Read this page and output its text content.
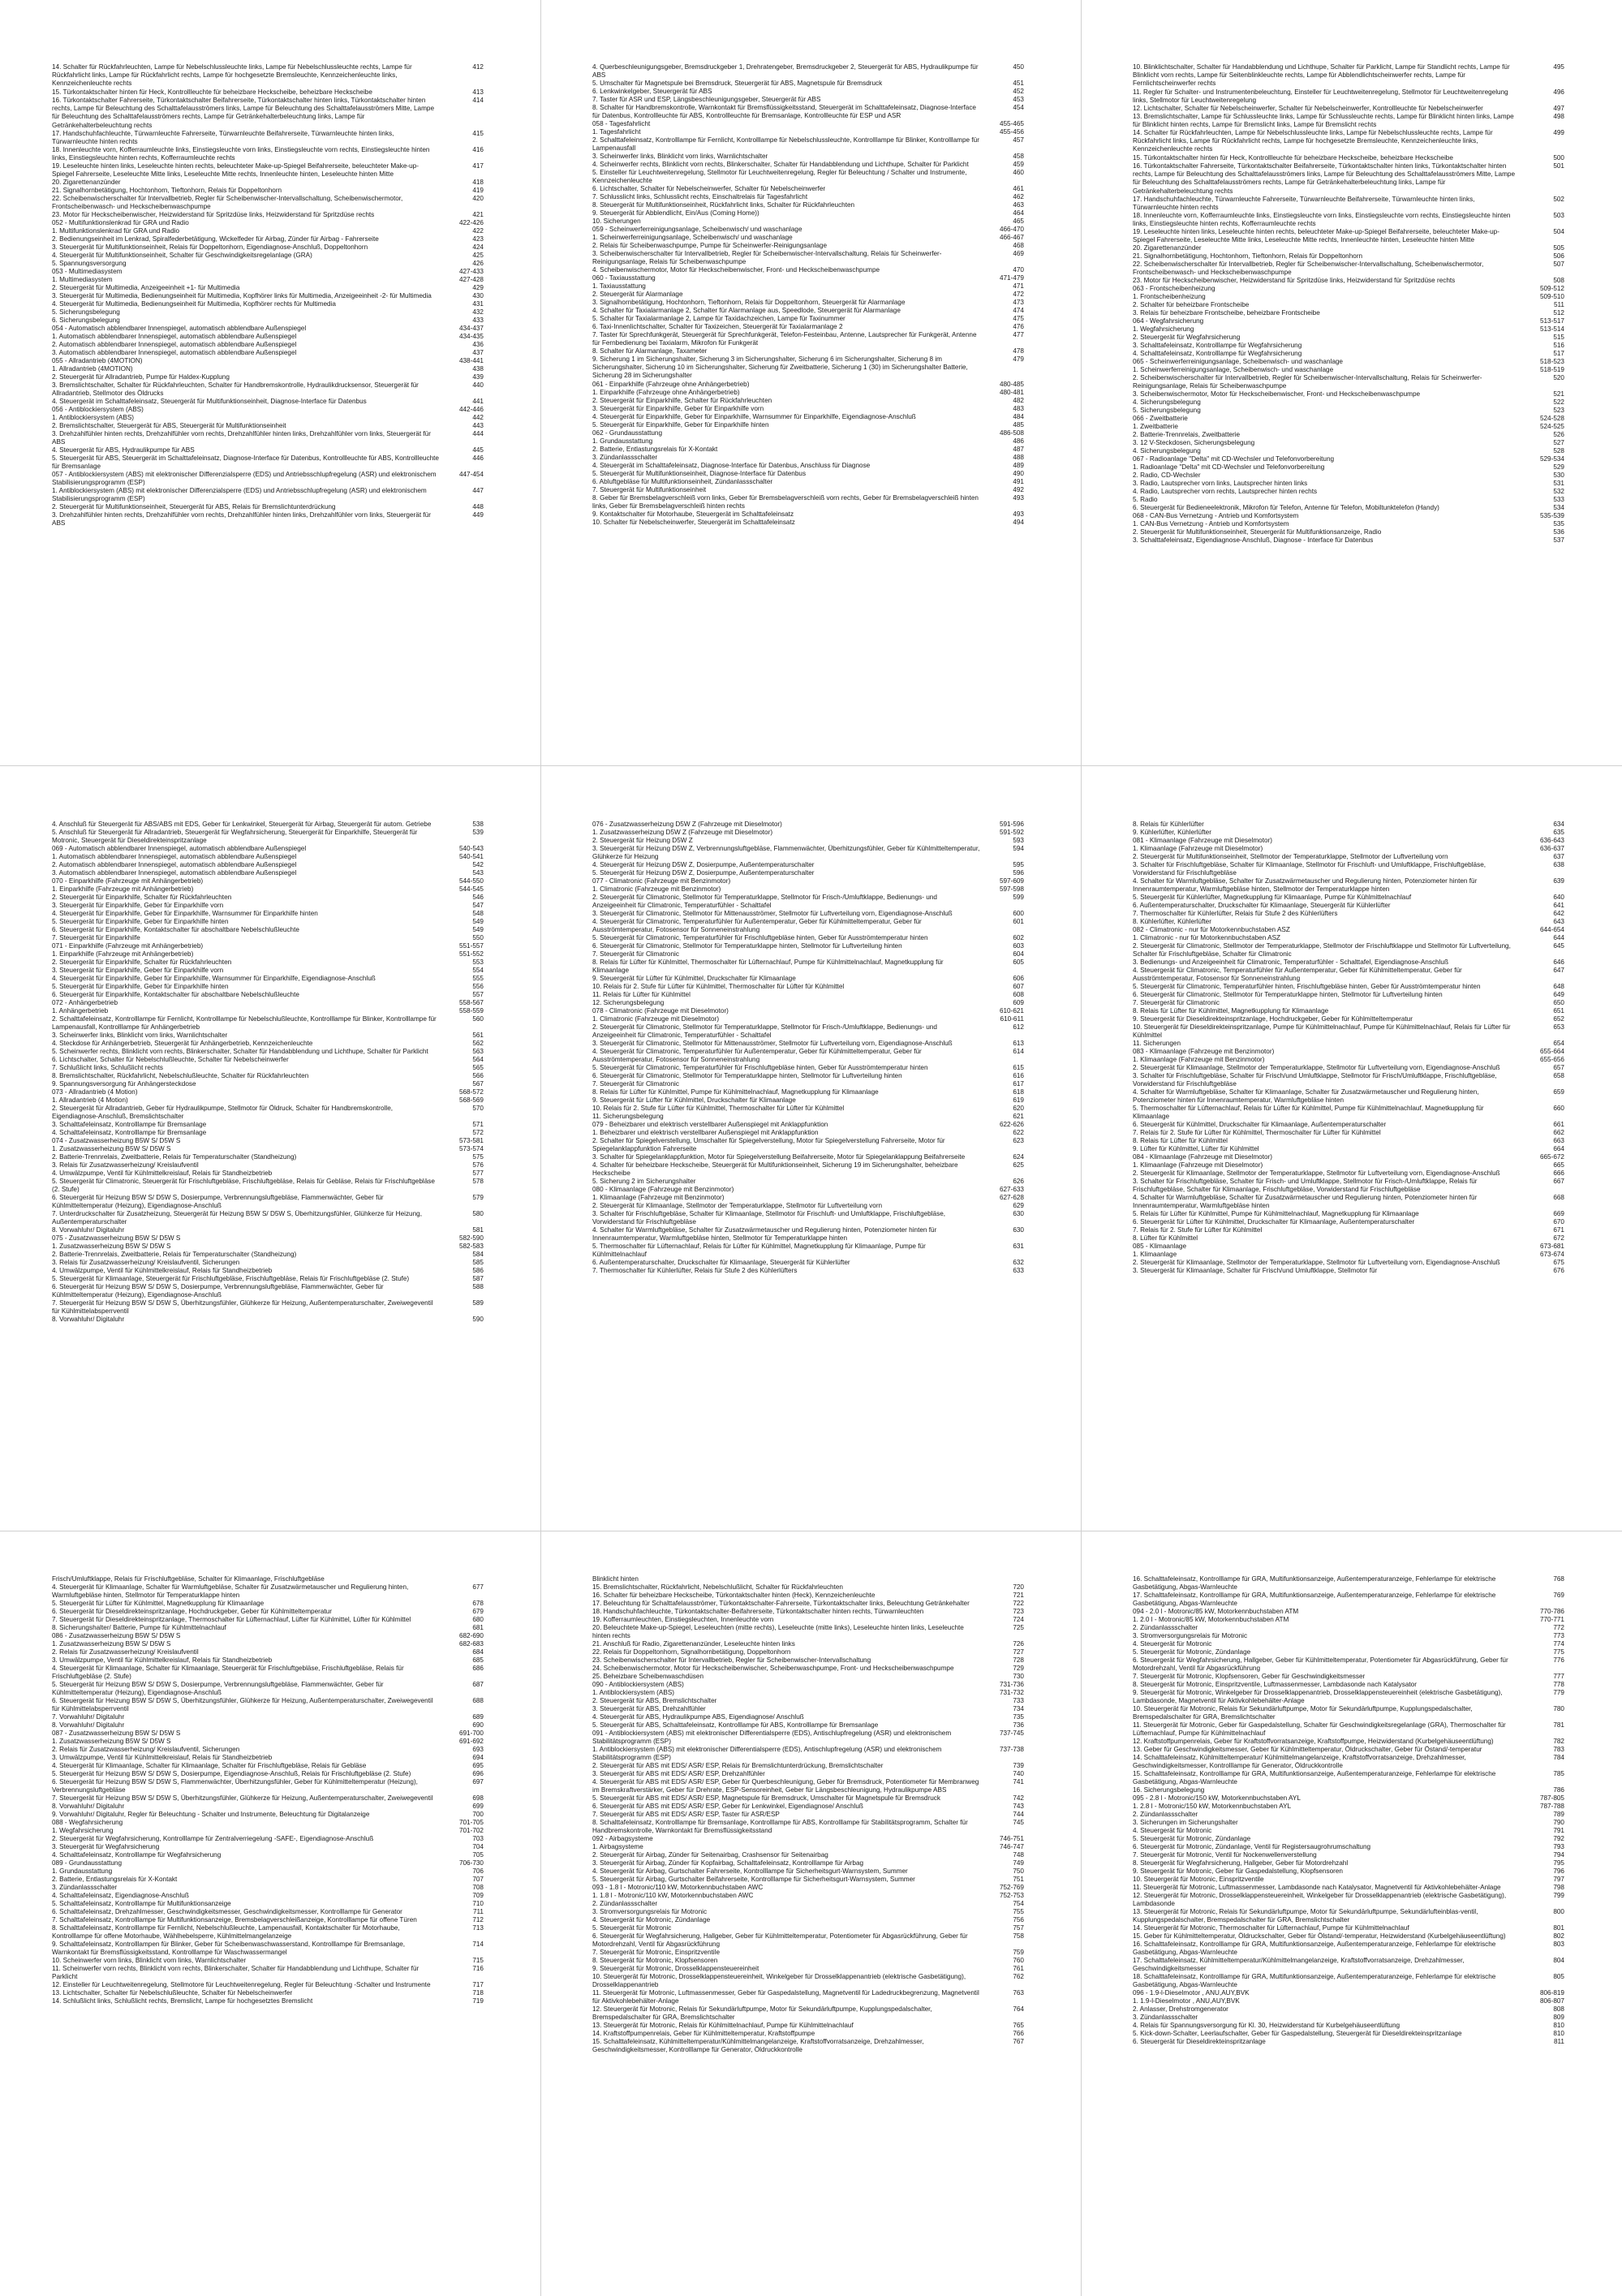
14. Schalter für Rückfahrleuchten, Lampe für Nebelschlussleuchte links, Lampe für Nebelschlussleuchte rechts, Lampe für Rückfahrlicht links, Lampe für Rückfahrlicht rechts, Lampe für hochgesetzte Bremsleuchte, Kennzeichenleuchte links, Kennzeichenleuchte rechts
412
15. Türkontaktschalter hinten für Heck, Kontrollleuchte für beheizbare Heckscheibe, beheizbare Heckscheibe	413
16. Türkontaktschalter Fahrerseite, Türkontaktschalter Beifahrerseite, Türkontaktschalter hinten links, Türkontaktschalter hinten rechts, Lampe für Beleuchtung des Schalttafelausströmers links, Lampe für Beleuchtung des Schalttafelausströmers Mitte, Lampe für Beleuchtung des Schalttafelausströmers rechts, Lampe für Getränkehalterbeleuchtung links, Lampe für Getränkehalterbeleuchtung rechts
414
17. Handschuhfachleuchte, Türwarnleuchte Fahrerseite, Türwarnleuchte Beifahrerseite, Türwarnleuchte hinten links, Türwarnleuchte hinten rechts
415
18. Innenleuchte vorn, Kofferraumleuchte links, Einstiegsleuchte vorn links, Einstiegsleuchte vorn rechts, Einstiegsleuchte hinten links, Einstiegsleuchte hinten rechts, Kofferraumleuchte rechts
416
19. Leseleuchte hinten links, Leseleuchte hinten rechts, beleuchteter Make-up-Spiegel Beifahrerseite, beleuchteter Make-up-Spiegel Fahrerseite, Leseleuchte Mitte links, Leseleuchte Mitte rechts, Innenleuchte hinten, Leseleuchte hinten Mitte
417
20. Zigarettenanzünder	418
21. Signalhornbetätigung, Hochtonhorn, Tieftonhorn, Relais für Doppeltonhorn	419
22. Scheibenwischerschalter für Intervallbetrieb, Regler für Scheibenwischer-Intervallschaltung, Scheibenwischermotor, Frontscheibenwasch- und Heckscheibenwaschpumpe
420
23. Motor für Heckscheibenwischer, Heizwiderstand für Spritzdüse links, Heizwiderstand für Spritzdüse rechts	421
052 - Multifunktionslenkrad für GRA und Radio	422-426
1. Multifunktionslenkrad für GRA und Radio	422
2. Bedienungseinheit im Lenkrad, Spiralfederbetätigung, Wickelfeder für Airbag, Zünder für Airbag - Fahrerseite	423
3. Steuergerät für Multifunktionseinheit, Relais für Doppeltonhorn, Eigendiagnose-Anschluß, Doppeltonhorn	424
4. Steuergerät für Multifunktionseinheit, Schalter für Geschwindigkeitsregelanlage (GRA)	425
5. Spannungsversorgung	426
053 - Multimediasystem	427-433
1. Multimediasystem	427-428
2. Steuergerät für Multimedia, Anzeigeeinheit +1- für Multimedia	429
3. Steuergerät für Multimedia, Bedienungseinheit für Multimedia, Kopfhörer links für Multimedia, Anzeigeeinheit -2- für Multimedia	430
4. Steuergerät für Multimedia, Bedienungseinheit für Multimedia, Kopfhörer rechts für Multimedia	431
5. Sicherungsbelegung	432
6. Sicherungsbelegung	433
054 - Automatisch abblendbarer Innenspiegel, automatisch abblendbare Außenspiegel	434-437
1. Automatisch abblendbarer Innenspiegel, automatisch abblendbare Außenspiegel	434-435
2. Automatisch abblendbarer Innenspiegel, automatisch abblendbare Außenspiegel	436
3. Automatisch abblendbarer Innenspiegel, automatisch abblendbare Außenspiegel	437
055 - Allradantrieb (4MOTION)	438-441
1. Allradantrieb (4MOTION)	438
2. Steuergerät für Allradantrieb, Pumpe für Haldex-Kupplung	439
3. Bremslichtschalter, Schalter für Rückfahrleuchten, Schalter für Handbremskontrolle, Hydraulikdrucksensor, Steuergerät für Allradantrieb, Stellmotor des Öldrucks
440
4. Steuergerät im Schalttafeleinsatz, Steuergerät für Multifunktionseinheit, Diagnose-Interface für Datenbus	441
056 - Antiblockiersystem (ABS)	442-446
1. Antiblockiersystem (ABS)	442
2. Bremslichtschalter, Steuergerät für ABS, Steuergerät für Multifunktionseinheit	443
3. Drehzahlfühler hinten rechts, Drehzahlfühler vorn rechts, Drehzahlfühler hinten links, Drehzahlfühler vorn links, Steuergerät für ABS
444
4. Steuergerät für ABS, Hydraulikpumpe für ABS	445
5. Steuergerät für ABS, Steuergerät im Schalttafeleinsatz, Diagnose-Interface für Datenbus, Kontrollleuchte für ABS, Kontrollleuchte für Bremsanlage
446
057 - Antiblockiersystem (ABS) mit elektronischer Differenzialsperre (EDS) und Antriebsschlupfregelung (ASR) und elektronischem Stabilisierungsprogramm (ESP)
447-454
1. Antiblockiersystem (ABS) mit elektronischer Differenzialsperre (EDS) und Antriebsschlupfregelung (ASR) und elektronischem Stabilisierungsprogramm (ESP)
447
2. Steuergerät für Multifunktionseinheit, Steuergerät für ABS, Relais für Bremslichtunterdrückung	448
3. Drehzahlfühler hinten rechts, Drehzahlfühler vorn rechts, Drehzahlfühler hinten links, Drehzahlfühler vorn links, Steuergerät für ABS
449
4. Querbeschleunigungsgeber, Bremsdruckgeber 1, Drehratengeber, Bremsdruckgeber 2, Steuergerät für ABS, Hydraulikpumpe für ABS
450
5. Umschalter für Magnetspule bei Bremsdruck, Steuergerät für ABS, Magnetspule für Bremsdruck	451
6. Lenkwinkelgeber, Steuergerät für ABS	452
7. Taster für ASR und ESP, Längsbeschleunigungsgeber, Steuergerät für ABS	453
8. Schalter für Handbremskontrolle, Warnkontakt für Bremsflüssigkeitsstand, Steuergerät im Schalttafeleinsatz, Diagnose-Interface für Datenbus, Kontrollleuchte für ABS, Kontrollleuchte für Bremsanlage, Kontrollleuchte für ESP und ASR
454
058 - Tagesfahrlicht	455-465
1. Tagesfahrlicht	455-456
2. Schalttafeleinsatz, Kontrolllampe für Fernlicht, Kontrolllampe für Nebelschlussleuchte, Kontrolllampe für Blinker, Kontrolllampe für Lampenausfall
457
3. Scheinwerfer links, Blinklicht vorn links, Warnlichtschalter	458
4. Scheinwerfer rechts, Blinklicht vorn rechts, Blinkerschalter, Schalter für Handabblendung und Lichthupe, Schalter für Parklicht	459
5. Einsteller für Leuchtweitenregelung, Stellmotor für Leuchtweitenregelung, Regler für Beleuchtung / Schalter und Instrumente, Kennzeichenleuchte
460
6. Lichtschalter, Schalter für Nebelscheinwerfer, Schalter für Nebelscheinwerfer	461
7. Schlusslicht links, Schlusslicht rechts, Einschaltrelais für Tagesfahrlicht	462
8. Steuergerät für Multifunktionseinheit, Rückfahrlicht links, Schalter für Rückfahrleuchten	463
9. Steuergerät für Abblendlicht, Ein/Aus (Coming Home))	464
10. Sicherungen	465
059 - Scheinwerferreinigungsanlage, Scheibenwisch/ und waschanlage	466-470
1. Scheinwerferreinigungsanlage, Scheibenwisch/ und waschanlage	466-467
2. Relais für Scheibenwaschpumpe, Pumpe für Scheinwerfer-Reinigungsanlage	468
3. Scheibenwischerschalter für Intervallbetrieb, Regler für Scheibenwischer-Intervallschaltung, Relais für Scheinwerfer-Reinigungsanlage, Relais für Scheibenwaschpumpe
469
4. Scheibenwischermotor, Motor für Heckscheibenwischer, Front- und Heckscheibenwaschpumpe	470
060 - Taxiausstattung	471-479
1. Taxiausstattung	471
2. Steuergerät für Alarmanlage	472
3. Signalhornbetätigung, Hochtonhorn, Tieftonhorn, Relais für Doppeltonhorn, Steuergerät für Alarmanlage	473
4. Schalter für Taxialarmanlage 2, Schalter für Alarmanlage aus, Speedlode, Steuergerät für Alarmanlage	474
5. Schalter für Taxialarmanlage 2, Lampe für Taxidachzeichen, Lampe für Taxinummer	475
6. Taxi-Innenlichtschalter, Schalter für Taxizeichen, Steuergerät für Taxialarmanlage 2	476
7. Taster für Sprechfunkgerät, Steuergerät für Sprechfunkgerät, Telefon-Festeinbau, Antenne, Lautsprecher für Funkgerät, Antenne für Fernbedienung bei Taxialarm, Mikrofon für Funkgerät
477
8. Schalter für Alarmanlage, Taxameter	478
9. Sicherung 1 im Sicherungshalter, Sicherung 3 im Sicherungshalter, Sicherung 6 im Sicherungshalter, Sicherung 8 im Sicherungshalter, Sicherung 10 im Sicherungshalter, Sicherung für Zweitbatterie, Sicherung 1 (30) im Sicherungshalter Batterie, Sicherung 28 im Sicherungshalter
479
061 - Einparkhilfe (Fahrzeuge ohne Anhängerbetrieb)	480-485
1. Einparkhilfe (Fahrzeuge ohne Anhängerbetrieb)	480-481
2. Steuergerät für Einparkhilfe, Schalter für Rückfahrleuchten	482
3. Steuergerät für Einparkhilfe, Geber für Einparkhilfe vorn	483
4. Steuergerät für Einparkhilfe, Geber für Einparkhilfe, Warnsummer für Einparkhilfe, Eigendiagnose-Anschluß	484
5. Steuergerät für Einparkhilfe, Geber für Einparkhilfe hinten	485
062 - Grundausstattung	486-508
1. Grundausstattung	486
2. Batterie, Entlastungsrelais für X-Kontakt	487
3. Zündanlassschalter	488
4. Steuergerät im Schalttafeleinsatz, Diagnose-Interface für Datenbus, Anschluss für Diagnose	489
5. Steuergerät für Multifunktionseinheit, Diagnose-Interface für Datenbus	490
6. Abluftgebläse für Multifunktionseinheit, Zündanlassschalter	491
7. Steuergerät für Multifunktionseinheit	492
8. Geber für Bremsbelagverschleiß vorn links, Geber für Bremsbelagverschleiß vorn rechts, Geber für Bremsbelagverschleiß hinten links, Geber für Bremsbelagverschleiß hinten rechts
493
9. Kontaktschalter für Motorhaube, Steuergerät im Schalttafeleinsatz	493
10. Schalter für Nebelscheinwerfer, Steuergerät im Schalttafeleinsatz	494
10. Blinklichtschalter, Schalter für Handabblendung und Lichthupe, Schalter für Parklicht, Lampe für Standlicht rechts, Lampe für Blinklicht vorn rechts, Lampe für Seitenblinkleuchte rechts, Lampe für Abblendlichtscheinwerfer rechts, Lampe für Fernlichtscheinwerfer rechts
495
11. Regler für Schalter- und Instrumentenbeleuchtung, Einsteller für Leuchtweitenregelung, Stellmotor für Leuchtweitenregelung links, Stellmotor für Leuchtweitenregelung
496
12. Lichtschalter, Schalter für Nebelscheinwerfer, Schalter für Nebelscheinwerfer, Kontrollleuchte für Nebelscheinwerfer	497
13. Bremslichtschalter, Lampe für Schlussleuchte links, Lampe für Schlussleuchte rechts, Lampe für Blinklicht hinten links, Lampe für Blinklicht hinten rechts, Lampe für Bremslicht links, Lampe für Bremslicht rechts
498
14. Schalter für Rückfahrleuchten, Lampe für Nebelschlussleuchte links, Lampe für Nebelschlussleuchte rechts, Lampe für Rückfahrlicht links, Lampe für Rückfahrlicht rechts, Lampe für hochgesetzte Bremsleuchte, Kennzeichenleuchte links, Kennzeichenleuchte rechts
499
15. Türkontaktschalter hinten für Heck, Kontrollleuchte für beheizbare Heckscheibe, beheizbare Heckscheibe	500
16. Türkontaktschalter Fahrerseite, Türkontaktschalter Beifahrerseite, Türkontaktschalter hinten links, Türkontaktschalter hinten rechts, Lampe für Beleuchtung des Schalttafelausströmers links, Lampe für Beleuchtung des Schalttafelausströmers Mitte, Lampe für Beleuchtung des Schalttafelausströmers rechts, Lampe für Getränkehalterbeleuchtung links, Lampe für Getränkehalterbeleuchtung rechts
501
17. Handschuhfachleuchte, Türwarnleuchte Fahrerseite, Türwarnleuchte Beifahrerseite, Türwarnleuchte hinten links, Türwarnleuchte hinten rechts
502
18. Innenleuchte vorn, Kofferraumleuchte links, Einstiegsleuchte vorn links, Einstiegsleuchte vorn rechts, Einstiegsleuchte hinten links, Einstiegsleuchte hinten rechts, Kofferraumleuchte rechts
503
19. Leseleuchte hinten links, Leseleuchte hinten rechts, beleuchteter Make-up-Spiegel Beifahrerseite, beleuchteter Make-up-Spiegel Fahrerseite, Leseleuchte Mitte links, Leseleuchte Mitte rechts, Innenleuchte hinten, Leseleuchte hinten Mitte
504
20. Zigarettenanzünder	505
21. Signalhornbetätigung, Hochtonhorn, Tieftonhorn, Relais für Doppeltonhorn	506
22. Scheibenwischerschalter für Intervallbetrieb, Regler für Scheibenwischer-Intervallschaltung, Scheibenwischermotor, Frontscheibenwasch- und Heckscheibenwaschpumpe
507
23. Motor für Heckscheibenwischer, Heizwiderstand für Spritzdüse links, Heizwiderstand für Spritzdüse rechts	508
063 - Frontscheibenheizung	509-512
1. Frontscheibenheizung	509-510
2. Schalter für beheizbare Frontscheibe	511
3. Relais für beheizbare Frontscheibe, beheizbare Frontscheibe	512
064 - Wegfahrsicherung	513-517
1. Wegfahrsicherung	513-514
2. Steuergerät für Wegfahrsicherung	515
3. Schalttafeleinsatz, Kontrolllampe für Wegfahrsicherung	516
4. Schalttafeleinsatz, Kontrolllampe für Wegfahrsicherung	517
065 - Scheinwerferreinigungsanlage, Scheibenwisch- und waschanlage	518-523
1. Scheinwerferreinigungsanlage, Scheibenwisch- und waschanlage	518-519
2. Scheibenwischerschalter für Intervallbetrieb, Regler für Scheibenwischer-Intervallschaltung, Relais für Scheinwerfer-Reinigungsanlage, Relais für Scheibenwaschpumpe
520
3. Scheibenwischermotor, Motor für Heckscheibenwischer, Front- und Heckscheibenwaschpumpe	521
4. Sicherungsbelegung	522
5. Sicherungsbelegung	523
066 - Zweitbatterie	524-528
1. Zweitbatterie	524-525
2. Batterie-Trennrelais, Zweitbatterie	526
3. 12 V-Steckdosen, Sicherungsbelegung	527
4. Sicherungsbelegung	528
067 - Radioanlage "Delta" mit CD-Wechsler und Telefonvorbereitung	529-534
1. Radioanlage "Delta" mit CD-Wechsler und Telefonvorbereitung	529
2. Radio, CD-Wechsler	530
3. Radio, Lautsprecher vorn links, Lautsprecher hinten links	531
4. Radio, Lautsprecher vorn rechts, Lautsprecher hinten rechts	532
5. Radio	533
6. Steuergerät für Bedieneelektronik, Mikrofon für Telefon, Antenne für Telefon, Mobiltunktelefon (Handy)	534
068 - CAN-Bus Vernetzung - Antrieb und Komfortsystem	535-539
1. CAN-Bus Vernetzung - Antrieb und Komfortsystem	535
2. Steuergerät für Multifunktionseinheit, Steuergerät für Multifunktionsanzeige, Radio	536
3. Schalttafeleinsatz, Eigendiagnose-Anschluß, Diagnose - Interface für Datenbus	537
4. Anschluß für Steuergerät für ABS/ABS mit EDS, Geber für Lenkwinkel, Steuergerät für Airbag, Steuergerät für autom. Getriebe	538
5. Anschluß für Steuergerät für Allradantrieb, Steuergerät für Wegfahrsicherung, Steuergerät für Einparkhilfe, Steuergerät für Motronic, Steuergerät für Dieseldirekteinspritzanlage
539
069 - Automatisch abblendbarer Innenspiegel, automatisch abblendbare Außenspiegel	540-543
1. Automatisch abblendbarer Innenspiegel, automatisch abblendbare Außenspiegel	540-541
2. Automatisch abblendbarer Innenspiegel, automatisch abblendbare Außenspiegel	542
3. Automatisch abblendbarer Innenspiegel, automatisch abblendbare Außenspiegel	543
070 - Einparkhilfe (Fahrzeuge mit Anhängerbetrieb)	544-550
1. Einparkhilfe (Fahrzeuge mit Anhängerbetrieb)	544-545
2. Steuergerät für Einparkhilfe, Schalter für Rückfahrleuchten	546
3. Steuergerät für Einparkhilfe, Geber für Einparkhilfe vorn	547
4. Steuergerät für Einparkhilfe, Geber für Einparkhilfe, Warnsummer für Einparkhilfe hinten	548
5. Steuergerät für Einparkhilfe, Geber für Einparkhilfe hinten	549
6. Steuergerät für Einparkhilfe, Kontaktschalter für abschaltbare Nebelschlußleuchte	549
7. Steuergerät für Einparkhilfe	550
071 - Einparkhilfe (Fahrzeuge mit Anhängerbetrieb)	551-557
1. Einparkhilfe (Fahrzeuge mit Anhängerbetrieb)	551-552
2. Steuergerät für Einparkhilfe, Schalter für Rückfahrleuchten	553
3. Steuergerät für Einparkhilfe, Geber für Einparkhilfe vorn	554
4. Steuergerät für Einparkhilfe, Geber für Einparkhilfe, Warnsummer für Einparkhilfe, Eigendiagnose-Anschluß	555
5. Steuergerät für Einparkhilfe, Geber für Einparkhilfe hinten	556
6. Steuergerät für Einparkhilfe, Kontaktschalter für abschaltbare Nebelschlußleuchte	557
072 - Anhängerbetrieb	558-567
1. Anhängerbetrieb	558-559
2. Schalttafeleinsatz, Kontrolllampe für Fernlicht, Kontrolllampe für Nebelschlußleuchte, Kontrolllampe für Blinker, Kontrolllampe für Lampenausfall, Kontrolllampe für Anhängerbetrieb
560
3. Scheinwerfer links, Blinklicht vorn links, Warnlichtschalter	561
4. Steckdose für Anhängerbetrieb, Steuergerät für Anhängerbetrieb, Kennzeichenleuchte	562
5. Scheinwerfer rechts, Blinklicht vorn rechts, Blinkerschalter, Schalter für Handabblendung und Lichthupe, Schalter für Parklicht	563
6. Lichtschalter, Schalter für Nebelschlußleuchte, Schalter für Nebelscheinwerfer	564
7. Schlußlicht links, Schlußlicht rechts	565
8. Bremslichtschalter, Rückfahrlicht, Nebelschlußleuchte, Schalter für Rückfahrleuchten	566
9. Spannungsversorgung für Anhängersteckdose	567
073 - Allradantrieb (4 Motion)	568-572
1. Allradantrieb (4 Motion)	568-569
2. Steuergerät für Allradantrieb, Geber für Hydraulikpumpe, Stellmotor für Öldruck, Schalter für Handbremskontrolle, Eigendiagnose-Anschluß, Bremslichtschalter
570
3. Schalttafeleinsatz, Kontrolllampe für Bremsanlage	571
4. Schalttafeleinsatz, Kontrolllampe für Bremsanlage	572
074 - Zusatzwasserheizung B5W S/ D5W S	573-581
1. Zusatzwasserheizung B5W S/ D5W S	573-574
2. Batterie-Trennrelais, Zweitbatterie, Relais für Temperaturschalter (Standheizung)	575
3. Relais für Zusatzwasserheizung/ Kreislaufventil	576
4. Umwälzpumpe, Ventil für Kühlmittelkreislauf, Relais für Standheizbetrieb	577
5. Steuergerät für Climatronic, Steuergerät für Frischluftgebläse, Frischluftgebläse, Relais für Gebläse, Relais für Frischluftgebläse (2. Stufe)
578
6. Steuergerät für Heizung B5W S/ D5W S, Dosierpumpe, Verbrennungsluftgebläse, Flammenwächter, Geber für Kühlmitteltemperatur (Heizung), Eigendiagnose-Anschluß
579
7. Unterdruckschalter für Zusatzheizung, Steuergerät für Heizung B5W S/ D5W S, Überhitzungsfühler, Glühkerze für Heizung, Außentemperaturschalter
580
8. Vorwahluhr/ Digitaluhr	581
075 - Zusatzwasserheizung B5W S/ D5W S	582-590
1. Zusatzwasserheizung B5W S/ D5W S	582-583
2. Batterie-Trennrelais, Zweitbatterie, Relais für Temperaturschalter (Standheizung)	584
3. Relais für Zusatzwasserheizung/ Kreislaufventil, Sicherungen	585
4. Umwälzpumpe, Ventil für Kühlmittelkreislauf, Relais für Standheizbetrieb	586
5. Steuergerät für Klimaanlage, Steuergerät für Frischluftgebläse, Frischluftgebläse, Relais für Frischluftgebläse (2. Stufe)	587
6. Steuergerät für Heizung B5W S/ D5W S, Dosierpumpe, Verbrennungsluftgebläse, Flammenwächter, Geber für Kühlmitteltemperatur (Heizung), Eigendiagnose-Anschluß
588
7. Steuergerät für Heizung B5W S/ D5W S, Überhitzungsfühler, Glühkerze für Heizung, Außentemperaturschalter, Zweiwegeventil für Kühlmittelabsperrventil
589
8. Vorwahluhr/ Digitaluhr	590
076 - Zusatzwasserheizung D5W Z (Fahrzeuge mit Dieselmotor)	591-596
1. Zusatzwasserheizung D5W Z (Fahrzeuge mit Dieselmotor)	591-592
2. Steuergerät für Heizung D5W Z	593
3. Steuergerät für Heizung D5W Z, Verbrennungsluftgebläse, Flammenwächter, Überhitzungsfühler, Geber für Kühlmitteltemperatur, Glühkerze für Heizung
594
4. Steuergerät für Heizung D5W Z, Dosierpumpe, Außentemperaturschalter	595
5. Steuergerät für Heizung D5W Z, Dosierpumpe, Außentemperaturschalter	596
077 - Climatronic (Fahrzeuge mit Benzinmotor)	597-609
1. Climatronic (Fahrzeuge mit Benzinmotor)	597-598
2. Steuergerät für Climatronic, Stellmotor für Temperaturklappe, Stellmotor für Frisch-/Umluftklappe, Bedienungs- und Anzeigeeinheit für Climatronic, Temperaturfühler - Schalttafel
599
3. Steuergerät für Climatronic, Stellmotor für Mittenausströmer, Stellmotor für Luftverteilung vorn, Eigendiagnose-Anschluß	600
4. Steuergerät für Climatronic, Temperaturfühler für Außentemperatur, Geber für Kühlmitteltemperatur, Geber für Ausströmtemperatur, Fotosensor für Sonneneinstrahlung
601
5. Steuergerät für Climatronic, Temperaturfühler für Frischluftgebläse hinten, Geber für Ausströmtemperatur hinten	602
6. Steuergerät für Climatronic, Stellmotor für Temperaturklappe hinten, Stellmotor für Luftverteilung hinten	603
7. Steuergerät für Climatronic	604
8. Relais für Lüfter für Kühlmittel, Thermoschalter für Lüfternachlauf, Pumpe für Kühlmittelnachlauf, Magnetkupplung für Klimaanlage
605
9. Steuergerät für Lüfter für Kühlmittel, Druckschalter für Klimaanlage	606
10. Relais für 2. Stufe für Lüfter für Kühlmittel, Thermoschalter für Lüfter für Kühlmittel	607
11. Relais für Lüfter für Kühlmittel	608
12. Sicherungsbelegung	609
078 - Climatronic (Fahrzeuge mit Dieselmotor)	610-621
1. Climatronic (Fahrzeuge mit Dieselmotor)	610-611
2. Steuergerät für Climatronic, Stellmotor für Temperaturklappe, Stellmotor für Frisch-/Umluftklappe, Bedienungs- und Anzeigeeinheit für Climatronic, Temperaturfühler - Schalttafel
612
3. Steuergerät für Climatronic, Stellmotor für Mittenausströmer, Stellmotor für Luftverteilung vorn, Eigendiagnose-Anschluß	613
4. Steuergerät für Climatronic, Temperaturfühler für Außentemperatur, Geber für Kühlmitteltemperatur, Geber für Ausströmtemperatur, Fotosensor für Sonneneinstrahlung
614
5. Steuergerät für Climatronic, Temperaturfühler für Frischluftgebläse hinten, Geber für Ausströmtemperatur hinten	615
6. Steuergerät für Climatronic, Stellmotor für Temperaturklappe hinten, Stellmotor für Luftverteilung hinten	616
7. Steuergerät für Climatronic	617
8. Relais für Lüfter für Kühlmittel, Pumpe für Kühlmittelnachlauf, Magnetkupplung für Klimaanlage	618
9. Steuergerät für Lüfter für Kühlmittel, Druckschalter für Klimaanlage	619
10. Relais für 2. Stufe für Lüfter für Kühlmittel, Thermoschalter für Lüfter für Kühlmittel	620
11. Sicherungsbelegung	621
079 - Beheizbarer und elektrisch verstellbarer Außenspiegel mit Anklappfunktion	622-626
1. Beheizbarer und elektrisch verstellbarer Außenspiegel mit Anklappfunktion	622
2. Schalter für Spiegelverstellung, Umschalter für Spiegelverstellung, Motor für Spiegelverstellung Fahrerseite, Motor für Spiegelanklappfunktion Fahrerseite
623
3. Schalter für Spiegelanklappfunktion, Motor für Spiegelverstellung Beifahrerseite, Motor für Spiegelanklappung Beifahrerseite	624
4. Schalter für beheizbare Heckscheibe, Steuergerät für Multifunktionseinheit, Sicherung 19 im Sicherungshalter, beheizbare Heckscheibe
625
5. Sicherung 2 im Sicherungshalter	626
080 - Klimaanlage (Fahrzeuge mit Benzinmotor)	627-633
1. Klimaanlage (Fahrzeuge mit Benzinmotor)	627-628
2. Steuergerät für Klimaanlage, Stellmotor der Temperaturklappe, Stellmotor für Luftverteilung vorn	629
3. Schalter für Frischluftgebläse, Schalter für Klimaanlage, Stellmotor für Frischluft- und Umluftklappe, Frischluftgebläse, Vorwiderstand für Frischluftgebläse
630
4. Schalter für Warmluftgebläse, Schalter für Zusatzwärmetauscher und Regulierung hinten, Potenziometer hinten für Innenraumtemperatur, Warmluftgebläse hinten, Stellmotor für Temperaturklappe hinten
630
5. Thermoschalter für Lüfternachlauf, Relais für Lüfter für Kühlmittel, Magnetkupplung für Klimaanlage, Pumpe für Kühlmittelnachlauf
631
6. Außentemperaturschalter, Druckschalter für Klimaanlage, Steuergerät für Kühlerlüfter	632
7. Thermoschalter für Kühlerlüfter, Relais für Stufe 2 des Kühlerlüfters	633
8. Relais für Kühlerlüfter	634
9. Kühlerlüfter, Kühlerlüfter	635
081 - Klimaanlage (Fahrzeuge mit Dieselmotor)	636-643
1. Klimaanlage (Fahrzeuge mit Dieselmotor)	636-637
2. Steuergerät für Multifunktionseinheit, Stellmotor der Temperaturklappe, Stellmotor der Luftverteilung vorn	637
3. Schalter für Frischluftgebläse, Schalter für Klimaanlage, Stellmotor für Frischluft- und Umluftklappe, Frischluftgebläse, Vorwiderstand für Frischluftgebläse
638
4. Schalter für Warmluftgebläse, Schalter für Zusatzwärmetauscher und Regulierung hinten, Potenziometer hinten für Innenraumtemperatur, Warmluftgebläse hinten, Stellmotor der Temperaturklappe hinten
639
5. Steuergerät für Kühlerlüfter, Magnetkupplung für Klimaanlage, Pumpe für Kühlmittelnachlauf	640
6. Außentemperaturschalter, Druckschalter für Klimaanlage, Steuergerät für Kühlerlüfter	641
7. Thermoschalter für Kühlerlüfter, Relais für Stufe 2 des Kühlerlüfters	642
8. Kühlerlüfter, Kühlerlüfter	643
082 - Climatronic - nur für Motorkennbuchstaben ASZ	644-654
1. Climatronic - nur für Motorkennbuchstaben ASZ	644
2. Steuergerät für Climatronic, Stellmotor der Temperaturklappe, Stellmotor der Frischluftklappe und Stellmotor für Luftverteilung, Schalter für Frischluftgebläse, Schalter für Climatronic
645
3. Bedienungs- und Anzeigeeinheit für Climatronic, Temperaturfühler - Schalttafel, Eigendiagnose-Anschluß	646
4. Steuergerät für Climatronic, Temperaturfühler für Außentemperatur, Geber für Kühlmitteltemperatur, Geber für Ausströmtemperatur, Fotosensor für Sonneneinstrahlung
647
5. Steuergerät für Climatronic, Temperaturfühler hinten, Frischluftgebläse hinten, Geber für Ausströmtemperatur hinten	648
6. Steuergerät für Climatronic, Stellmotor für Temperaturklappe hinten, Stellmotor für Luftverteilung hinten	649
7. Steuergerät für Climatronic	650
8. Relais für Lüfter für Kühlmittel, Magnetkupplung für Klimaanlage	651
9. Steuergerät für Dieseldirekteinspritzanlage, Hochdruckgeber, Geber für Kühlmitteltemperatur	652
10. Steuergerät für Dieseldirekteinspritzanlage, Pumpe für Kühlmittelnachlauf, Pumpe für Kühlmittelnachlauf, Relais für Lüfter für Kühlmittel
653
11. Sicherungen	654
083 - Klimaanlage (Fahrzeuge mit Benzinmotor)	655-664
1. Klimaanlage (Fahrzeuge mit Benzinmotor)	655-656
2. Steuergerät für Klimaanlage, Stellmotor der Temperaturklappe, Stellmotor für Luftverteilung vorn, Eigendiagnose-Anschluß	657
3. Schalter für Frischluftgebläse, Schalter für Frisch/und Umluftklappe, Stellmotor für Frisch/Umluftklappe, Frischluftgebläse, Vorwiderstand für Frischluftgebläse
658
4. Schalter für Warmluftgebläse, Schalter für Klimaanlage, Schalter für Zusatzwärmetauscher und Regulierung hinten, Potenziometer hinten für Innenraumtemperatur, Warmluftgebläse hinten
659
5. Thermoschalter für Lüfternachlauf, Relais für Lüfter für Kühlmittel, Pumpe für Kühlmittelnachlauf, Magnetkupplung für Klimaanlage
660
6. Steuergerät für Kühlmittel, Druckschalter für Klimaanlage, Außentemperaturschalter	661
7. Relais für 2. Stufe für Lüfter für Kühlmittel, Thermoschalter für Lüfter für Kühlmittel	662
8. Relais für Lüfter für Kühlmittel	663
9. Lüfter für Kühlmittel, Lüfter für Kühlmittel	664
084 - Klimaanlage (Fahrzeuge mit Dieselmotor)	665-672
1. Klimaanlage (Fahrzeuge mit Dieselmotor)	665
2. Steuergerät für Klimaanlage, Stellmotor der Temperaturklappe, Stellmotor für Luftverteilung vorn, Eigendiagnose-Anschluß	666
3. Schalter für Frischluftgebläse, Schalter für Frisch- und Umluftklappe, Stellmotor für Frisch-/Umluftklappe, Relais für Frischluftgebläse, Schalter für Klimaanlage, Frischluftgebläse, Vorwiderstand für Frischluftgebläse
667
4. Schalter für Warmluftgebläse, Schalter für Zusatzwärmetauscher und Regulierung hinten, Potenziometer hinten für Innenraumtemperatur, Warmluftgebläse hinten
668
5. Relais für Lüfter für Kühlmittel, Pumpe für Kühlmittelnachlauf, Magnetkupplung für Klimaanlage	669
6. Steuergerät für Lüfter für Kühlmittel, Druckschalter für Klimaanlage, Außentemperaturschalter	670
7. Relais für 2. Stufe für Lüfter für Kühlmittel	671
8. Lüfter für Kühlmittel	672
085 - Klimaanlage	673-681
1. Klimaanlage	673-674
2. Steuergerät für Klimaanlage, Stellmotor der Temperaturklappe, Stellmotor für Luftverteilung vorn, Eigendiagnose-Anschluß	675
3. Steuergerät für Klimaanlage, Schalter für Frisch/und Umluftklappe, Stellmotor für	676
Frisch/Umluftklappe, Relais für Frischluftgebläse, Schalter für Klimaanlage, Frischluftgebläse
4. Steuergerät für Klimaanlage, Schalter für Warmluftgebläse, Schalter für Zusatzwärmetauscher und Regulierung hinten, Warmluftgebläse hinten, Stellmotor für Temperaturklappe hinten
677
5. Steuergerät für Lüfter für Kühlmittel, Magnetkupplung für Klimaanlage	678
6. Steuergerät für Dieseldirekteinspritzanlage, Hochdruckgeber, Geber für Kühlmitteltemperatur	679
7. Steuergerät für Dieseldirekteinspritzanlage, Thermoschalter für Lüfternachlauf, Lüfter für Kühlmittel, Lüfter für Kühlmittel	680
8. Sicherungshalter/ Batterie, Pumpe für Kühlmittelnachlauf	681
086 - Zusatzwasserheizung B5W S/ D5W S	682-690
1. Zusatzwasserheizung B5W S/ D5W S	682-683
2. Relais für Zusatzwasserheizung/ Kreislaufventil	684
3. Umwälzpumpe, Ventil für Kühlmittelkreislauf, Relais für Standheizbetrieb	685
4. Steuergerät für Klimaanlage, Schalter für Klimaanlage, Steuergerät für Frischluftgebläse, Frischluftgebläse, Relais für Frischluftgebläse (2. Stufe)
686
5. Steuergerät für Heizung B5W S/ D5W S, Dosierpumpe, Verbrennungsluftgebläse, Flammenwächter, Geber für Kühlmitteltemperatur (Heizung), Eigendiagnose-Anschluß
687
6. Steuergerät für Heizung B5W S/ D5W S, Überhitzungsfühler, Glühkerze für Heizung, Außentemperaturschalter, Zweiwegeventil für Kühlmittelabsperrventil
688
7. Vorwahluhr/ Digitaluhr	689
8. Vorwahluhr/ Digitaluhr	690
087 - Zusatzwasserheizung B5W S/ D5W S	691-700
1. Zusatzwasserheizung B5W S/ D5W S	691-692
2. Relais für Zusatzwasserheizung/ Kreislaufventil, Sicherungen	693
3. Umwälzpumpe, Ventil für Kühlmittelkreislauf, Relais für Standheizbetrieb	694
4. Steuergerät für Klimaanlage, Schalter für Klimaanlage, Schalter für Frischluftgebläse, Relais für Gebläse	695
5. Steuergerät für Heizung B5W S/ D5W S, Dosierpumpe, Eigendiagnose-Anschluß, Relais für Frischluftgebläse (2. Stufe)	696
6. Steuergerät für Heizung B5W S/ D5W S, Flammenwächter, Überhitzungsfühler, Geber für Kühlmitteltemperatur (Heizung), Verbrennungsluftgebläse
697
7. Steuergerät für Heizung B5W S/ D5W S, Überhitzungsfühler, Glühkerze für Heizung, Außentemperaturschalter, Zweiwegeventil	698
8. Vorwahluhr/ Digitaluhr	699
9. Vorwahluhr/ Digitaluhr, Regler für Beleuchtung - Schalter und Instrumente, Beleuchtung für Digitalanzeige	700
088 - Wegfahrsicherung	701-705
1. Wegfahrsicherung	701-702
2. Steuergerät für Wegfahrsicherung, Kontrolllampe für Zentralverriegelung -SAFE-, Eigendiagnose-Anschluß	703
3. Steuergerät für Wegfahrsicherung	704
4. Schalttafeleinsatz, Kontrolllampe für Wegfahrsicherung	705
089 - Grundausstattung	706-730
1. Grundausstattung	706
2. Batterie, Entlastungsrelais für X-Kontakt	707
3. Zündanlassschalter	708
4. Schalttafeleinsatz, Eigendiagnose-Anschluß	709
5. Schalttafeleinsatz, Kontrolllampe für Multifunktionsanzeige	710
6. Schalttafeleinsatz, Drehzahlmesser, Geschwindigkeitsmesser, Geschwindigkeitsmesser, Kontrolllampe für Generator	711
7. Schalttafeleinsatz, Kontrolllampe für Multifunktionsanzeige, Bremsbelagverschleißanzeige, Kontrolllampe für offene Türen	712
8. Schalttafeleinsatz, Kontrolllampe für Fernlicht, Nebelschlußleuchte, Lampenausfall, Kontaktschalter für Motorhaube, Kontrolllampe für offene Motorhaube, Wählhebelsperre, Kühlmittelmangelanzeige
713
9. Schalttafeleinsatz, Kontrolllampen für Blinker, Geber für Scheibenwaschwasserstand, Kontrolllampe für Bremsanlage, Warnkontakt für Bremsflüssigkeitsstand, Kontrolllampe für Waschwassermangel
714
10. Scheinwerfer vorn links, Blinklicht vorn links, Warnlichtschalter	715
11. Scheinwerfer vorn rechts, Blinklicht vorn rechts, Blinkerschalter, Schalter für Handabblendung und Lichthupe, Schalter für Parklicht
716
12. Einsteller für Leuchtweitenregelung, Stellmotore für Leuchtweitenregelung, Regler für Beleuchtung -Schalter und Instrumente	717
13. Lichtschalter, Schalter für Nebelschlußleuchte, Schalter für Nebelscheinwerfer	718
14. Schlußlicht links, Schlußlicht rechts, Bremslicht, Lampe für hochgesetztes Bremslicht	719
Blinklicht hinten
15. Bremslichtschalter, Rückfahrlicht, Nebelschlußlicht, Schalter für Rückfahrleuchten	720
16. Schalter für beheizbare Heckscheibe, Türkontaktschalter hinten (Heck), Kennzeichenleuchte	721
17. Beleuchtung für Schalttafelausströmer, Türkontaktschalter-Fahrerseite, Türkontaktschalter links, Beleuchtung Getränkehalter	722
18. Handschuhfachleuchte, Türkontaktschalter-Beifahrerseite, Türkontaktschalter hinten rechts, Türwarnleuchten	723
19. Kofferraumleuchten, Einstiegsleuchten, Innenleuchte vorn	724
20. Beleuchtete Make-up-Spiegel, Leseleuchten (mitte rechts), Leseleuchte (mitte links), Leseleuchte hinten links, Leseleuchte hinten rechts
725
21. Anschluß für Radio, Zigarettenanzünder, Leseleuchte hinten links	726
22. Relais für Doppeltonhorn, Signalhornbetätigung, Doppeltonhorn	727
23. Scheibenwischerschalter für Intervallbetrieb, Regler für Scheibenwischer-Intervallschaltung	728
24. Scheibenwischermotor, Motor für Heckscheibenwischer, Scheibenwaschpumpe, Front- und Heckscheibenwaschpumpe	729
25. Beheizbare Scheibenwaschdüsen	730
090 - Antiblockiersystem (ABS)	731-736
1. Antiblockiersystem (ABS)	731-732
2. Steuergerät für ABS, Bremslichtschalter	733
3. Steuergerät für ABS, Drehzahlfühler	734
4. Steuergerät für ABS, Hydraulikpumpe ABS, Eigendiagnose/ Anschluß	735
5. Steuergerät für ABS, Schalttafeleinsatz, Kontrolllampe für ABS, Kontrolllampe für Bremsanlage	736
091 - Antiblockiersystem (ABS) mit elektronischer Differentialsperre (EDS), Antischlupfregelung (ASR) und elektronischem Stabilitätsprogramm (ESP)
737-745
1. Antiblockiersystem (ABS) mit elektronischer Differentialsperre (EDS), Antischlupfregelung (ASR) und elektronischem Stabilitätsprogramm (ESP)
737-738
2. Steuergerät für ABS mit EDS/ ASR/ ESP, Relais für Bremslichtunterdrückung, Bremslichtschalter	739
3. Steuergerät für ABS mit EDS/ ASR/ ESP, Drehzahlfühler	740
4. Steuergerät für ABS mit EDS/ ASR/ ESP, Geber für Querbeschleunigung, Geber für Bremsdruck, Potentiometer für Membranweg im Bremskraftverstärker, Geber für Drehrate, ESP-Sensoreinheit, Geber für Längsbeschleunigung, Hydraulikpumpe ABS
741
5. Steuergerät für ABS mit EDS/ ASR/ ESP, Magnetspule für Bremsdruck, Umschalter für Magnetspule für Bremsdruck	742
6. Steuergerät für ABS mit EDS/ ASR/ ESP, Geber für Lenkwinkel, Eigendiagnose/ Anschluß	743
7. Steuergerät für ABS mit EDS/ ASR/ ESP, Taster für ASR/ESP	744
8. Schalttafeleinsatz, Kontrolllampe für Bremsanlage, Kontrolllampe für ABS, Kontrolllampe für Stabilitätsprogramm, Schalter für Handbremskontrolle, Warnkontakt für Bremsflüssigkeitsstand
745
092 - Airbagsysteme	746-751
1. Airbagsysteme	746-747
2. Steuergerät für Airbag, Zünder für Seitenairbag, Crashsensor für Seitenairbag	748
3. Steuergerät für Airbag, Zünder für Kopfairbag, Schalttafeleinsatz, Kontrolllampe für Airbag	749
4. Steuergerät für Airbag, Gurtschalter Fahrerseite, Kontrolllampe für Sicherheitsgurt-Warnsystem, Summer	750
5. Steuergerät für Airbag, Gurtschalter Beifahrerseite, Kontrolllampe für Sicherheitsgurt-Warnsystem, Summer	751
093 - 1.8 l - Motronic/110 kW, Motorkennbuchstaben AWC	752-769
1. 1.8 l - Motronic/110 kW, Motorkennbuchstaben AWC	752-753
2. Zündanlassschalter	754
3. Stromversorgungsrelais für Motronic	755
4. Steuergerät für Motronic, Zündanlage	756
5. Steuergerät für Motronic	757
6. Steuergerät für Wegfahrsicherung, Hallgeber, Geber für Kühlmitteltemperatur, Potentiometer für Abgasrückführung, Geber für Motordrehzahl, Ventil für Abgasrückführung
758
7. Steuergerät für Motronic, Einspritzventile	759
8. Steuergerät für Motronic, Klopfsensoren	760
9. Steuergerät für Motronic, Drosselklappensteuereinheit	761
10. Steuergerät für Motronic, Drosselklappensteuereinheit, Winkelgeber für Drosselklappenantrieb (elektrische Gasbetätigung), Drosselklappenantrieb
762
11. Steuergerät für Motronic, Luftmassenmesser, Geber für Gaspedalstellung, Magnetventil für Ladedruckbegrenzung, Magnetventil für Aktivkohlebehälter-Anlage
763
12. Steuergerät für Motronic, Relais für Sekundärluftpumpe, Motor für Sekundärluftpumpe, Kupplungspedalschalter, Bremspedalschalter für GRA, Bremslichtschalter
764
13. Steuergerät für Motronic, Relais für Kühlmittelnachlauf, Pumpe für Kühlmittelnachlauf	765
14. Kraftstoffpumpenrelais, Geber für Kühlmitteltemperatur, Kraftstoffpumpe	766
15. Schalttafeleinsatz, Kühlmitteltemperatur/Kühlmittelmangelanzeige, Kraftstoffvorratsanzeige, Drehzahlmesser, Geschwindigkeitsmesser, Kontrolllampe für Generator, Öldruckkontrolle
767
16. Schalttafeleinsatz, Kontrolllampe für GRA, Multifunktionsanzeige, Außentemperaturanzeige, Fehlerlampe für elektrische Gasbetätigung, Abgas-Warnleuchte
768
17. Schalttafeleinsatz, Kontrolllampe für GRA, Multifunktionsanzeige, Außentemperaturanzeige, Fehlerlampe für elektrische Gasbetätigung, Abgas-Warnleuchte
769
094 - 2.0 l - Motronic/85 kW, Motorkennbuchstaben ATM	770-786
1. 2.0 l - Motronic/85 kW, Motorkennbuchstaben ATM	770-771
2. Zündanlassschalter	772
3. Stromversorgungsrelais für Motronic	773
4. Steuergerät für Motronic	774
5. Steuergerät für Motronic, Zündanlage	775
6. Steuergerät für Wegfahrsicherung, Hallgeber, Geber für Kühlmitteltemperatur, Potentiometer für Abgasrückführung, Geber für Motordrehzahl, Ventil für Abgasrückführung
776
7. Steuergerät für Motronic, Klopfsensoren, Geber für Geschwindigkeitsmesser	777
8. Steuergerät für Motronic, Einspritzventile, Luftmassenmesser, Lambdasonde nach Katalysator	778
9. Steuergerät für Motronic, Winkelgeber für Drosselklappenantrieb, Drosselklappensteuereinheit (elektrische Gasbetätigung), Lambdasonde, Magnetventil für Aktivkohlebehälter-Anlage
779
10. Steuergerät für Motronic, Relais für Sekundärluftpumpe, Motor für Sekundärluftpumpe, Kupplungspedalschalter, Bremspedalschalter für GRA, Bremslichtschalter
780
11. Steuergerät für Motronic, Geber für Gaspedalstellung, Schalter für Geschwindigkeitsregelanlage (GRA), Thermoschalter für Lüfternachlauf, Pumpe für Kühlmittelnachlauf
781
12. Kraftstoffpumpenrelais, Geber für Kraftstoffvorratsanzeige, Kraftstoffpumpe, Heizwiderstand (Kurbelgehäuseentlüftung)	782
13. Geber für Geschwindigkeitsmesser, Geber für Kühlmitteltemperatur, Öldruckschalter, Geber für Östand/-temperatur	783
14. Schalttafeleinsatz, Kühlmitteltemperatur/ Kühlmittelmangelanzeige, Kraftstoffvorratsanzeige, Drehzahlmesser, Geschwindigkeitsmesser, Kontrolllampe für Generator, Öldruckkontrolle
784
15. Schalttafeleinsatz, Kontrolllampe für GRA, Multifunktionsanzeige, Außentemperaturanzeige, Fehlerlampe für elektrische Gasbetätigung, Abgas-Warnleuchte
785
16. Sicherungsbelegung	786
095 - 2.8 l - Motronic/150 kW, Motorkennbuchstaben AYL	787-805
1. 2.8 l - Motronic/150 kW, Motorkennbuchstaben AYL	787-788
2. Zündanlassschalter	789
3. Sicherungen im Sicherungshalter	790
4. Steuergerät für Motronic	791
5. Steuergerät für Motronic, Zündanlage	792
6. Steuergerät für Motronic, Zündanlage, Ventil für Registersaugrohrumschaltung	793
7. Steuergerät für Motronic, Ventil für Nockenwellenverstellung	794
8. Steuergerät für Wegfahrsicherung, Hallgeber, Geber für Motordrehzahl	795
9. Steuergerät für Motronic, Geber für Gaspedalstellung, Klopfsensoren	796
10. Steuergerät für Motronic, Einspritzventile	797
11. Steuergerät für Motronic, Luftmassenmesser, Lambdasonde nach Katalysator, Magnetventil für Aktivkohlebehälter-Anlage	798
12. Steuergerät für Motronic, Drosselklappensteuereinheit, Winkelgeber für Drosselklappenantrieb (elektrische Gasbetätigung), Lambdasonde
799
13. Steuergerät für Motronic, Relais für Sekundärluftpumpe, Motor für Sekundärluftpumpe, Sekundärlufteinblas-ventil, Kupplungspedalschalter, Bremspedalschalter für GRA, Bremslichtschalter
800
14. Steuergerät für Motronic, Thermoschalter für Lüfternachlauf, Pumpe für Kühlmittelnachlauf	801
15. Geber für Kühlmitteltemperatur, Öldruckschalter, Geber für Ölstand/-temperatur, Heizwiderstand (Kurbelgehäuseentlüftung)	802
16. Schalttafeleinsatz, Kontrolllampe für GRA, Multifunktionsanzeige, Außentemperaturanzeige, Fehlerlampe für elektrische Gasbetätigung, Abgas-Warnleuchte
803
17. Schalttafeleinsatz, Kühlmitteltemperatur/Kühlmittelmangelanzeige, Kraftstoffvorratsanzeige, Drehzahlmesser, Geschwindigkeitsmesser
804
18. Schalttafeleinsatz, Kontrolllampe für GRA, Multifunktionsanzeige, Außentemperaturanzeige, Fehlerlampe für elektrische Gasbetätigung, Abgas-Warnleuchte
805
096 - 1.9-l-Dieselmotor , ANU,AUY,BVK	806-819
1. 1.9-l-Dieselmotor , ANU,AUY,BVK	806-807
2. Anlasser, Drehstromgenerator	808
3. Zündanlassschalter	809
4. Relais für Spannungsversorgung für Kl. 30, Heizwiderstand für Kurbelgehäuseentlüftung	810
5. Kick-down-Schalter, Leerlaufschalter, Geber für Gaspedalstellung, Steuergerät für Dieseldirekteinspritzanlage	810
6. Steuergerät für Dieseldirekteinspritzanlage	811
